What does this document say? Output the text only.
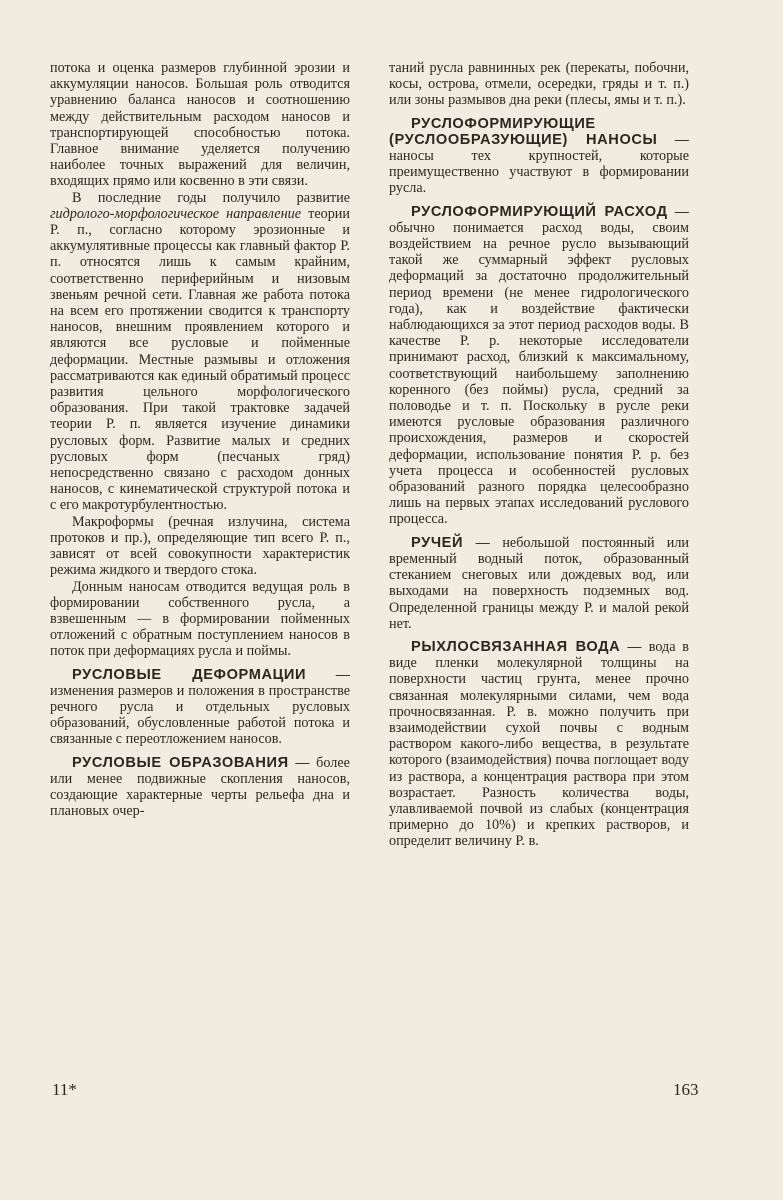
потока и оценка размеров глубинной эрозии и аккумуляции наносов. Большая роль отводится уравнению баланса наносов и соотношению между действительным расходом наносов и транспортирующей способностью потока. Главное внимание уделяется получению наиболее точных выражений для величин, входящих прямо или косвенно в эти связи.

В последние годы получило развитие гидролого-морфологическое направление теории Р. п., согласно которому эрозионные и аккумулятивные процессы как главный фактор Р. п. относятся лишь к самым крайним, соответственно периферийным и низовым звеньям речной сети. Главная же работа потока на всем его протяжении сводится к транспорту наносов, внешним проявлением которого и являются все русловые и пойменные деформации. Местные размывы и отложения рассматриваются как единый обратимый процесс развития цельного морфологического образования. При такой трактовке задачей теории Р. п. является изучение динамики русловых форм. Развитие малых и средних русловых форм (песчаных гряд) непосредственно связано с расходом донных наносов, с кинематической структурой потока и с его макротурбулентностью.

Макроформы (речная излучина, система протоков и пр.), определяющие тип всего Р. п., зависят от всей совокупности характеристик режима жидкого и твердого стока.

Донным наносам отводится ведущая роль в формировании собственного русла, а взвешенным — в формировании пойменных отложений с обратным поступлением наносов в поток при деформациях русла и поймы.

РУСЛОВЫЕ ДЕФОРМАЦИИ — изменения размеров и положения в пространстве речного русла и отдельных русловых образований, обусловленные работой потока и связанные с переотложением наносов.

РУСЛОВЫЕ ОБРАЗОВАНИЯ — более или менее подвижные скопления наносов, создающие характерные черты рельефа дна и плановых очер-

таний русла равнинных рек (перекаты, побочни, косы, острова, отмели, осередки, гряды и т. п.) или зоны размывов дна реки (плесы, ямы и т. п.).

РУСЛОФОРМИРУЮЩИЕ (РУСЛООБРАЗУЮЩИЕ) НАНОСЫ — наносы тех крупностей, которые преимущественно участвуют в формировании русла.

РУСЛОФОРМИРУЮЩИЙ РАСХОД — обычно понимается расход воды, своим воздействием на речное русло вызывающий такой же суммарный эффект русловых деформаций за достаточно продолжительный период времени (не менее гидрологического года), как и воздействие фактически наблюдающихся за этот период расходов воды. В качестве Р. р. некоторые исследователи принимают расход, близкий к максимальному, соответствующий наибольшему заполнению коренного (без поймы) русла, средний за половодье и т. п. Поскольку в русле реки имеются русловые образования различного происхождения, размеров и скоростей деформации, использование понятия Р. р. без учета процесса и особенностей русловых образований разного порядка целесообразно лишь на первых этапах исследований руслового процесса.

РУЧЕЙ — небольшой постоянный или временный водный поток, образованный стеканием снеговых или дождевых вод, или выходами на поверхность подземных вод. Определенной границы между Р. и малой рекой нет.

РЫХЛОСВЯЗАННАЯ ВОДА — вода в виде пленки молекулярной толщины на поверхности частиц грунта, менее прочно связанная молекулярными силами, чем вода прочносвязанная. Р. в. можно получить при взаимодействии сухой почвы с водным раствором какого-либо вещества, в результате которого (взаимодействия) почва поглощает воду из раствора, а концентрация раствора при этом возрастает. Разность количества воды, улавливаемой почвой из слабых (концентрация примерно до 10%) и крепких растворов, и определит величину Р. в.

11*	163
